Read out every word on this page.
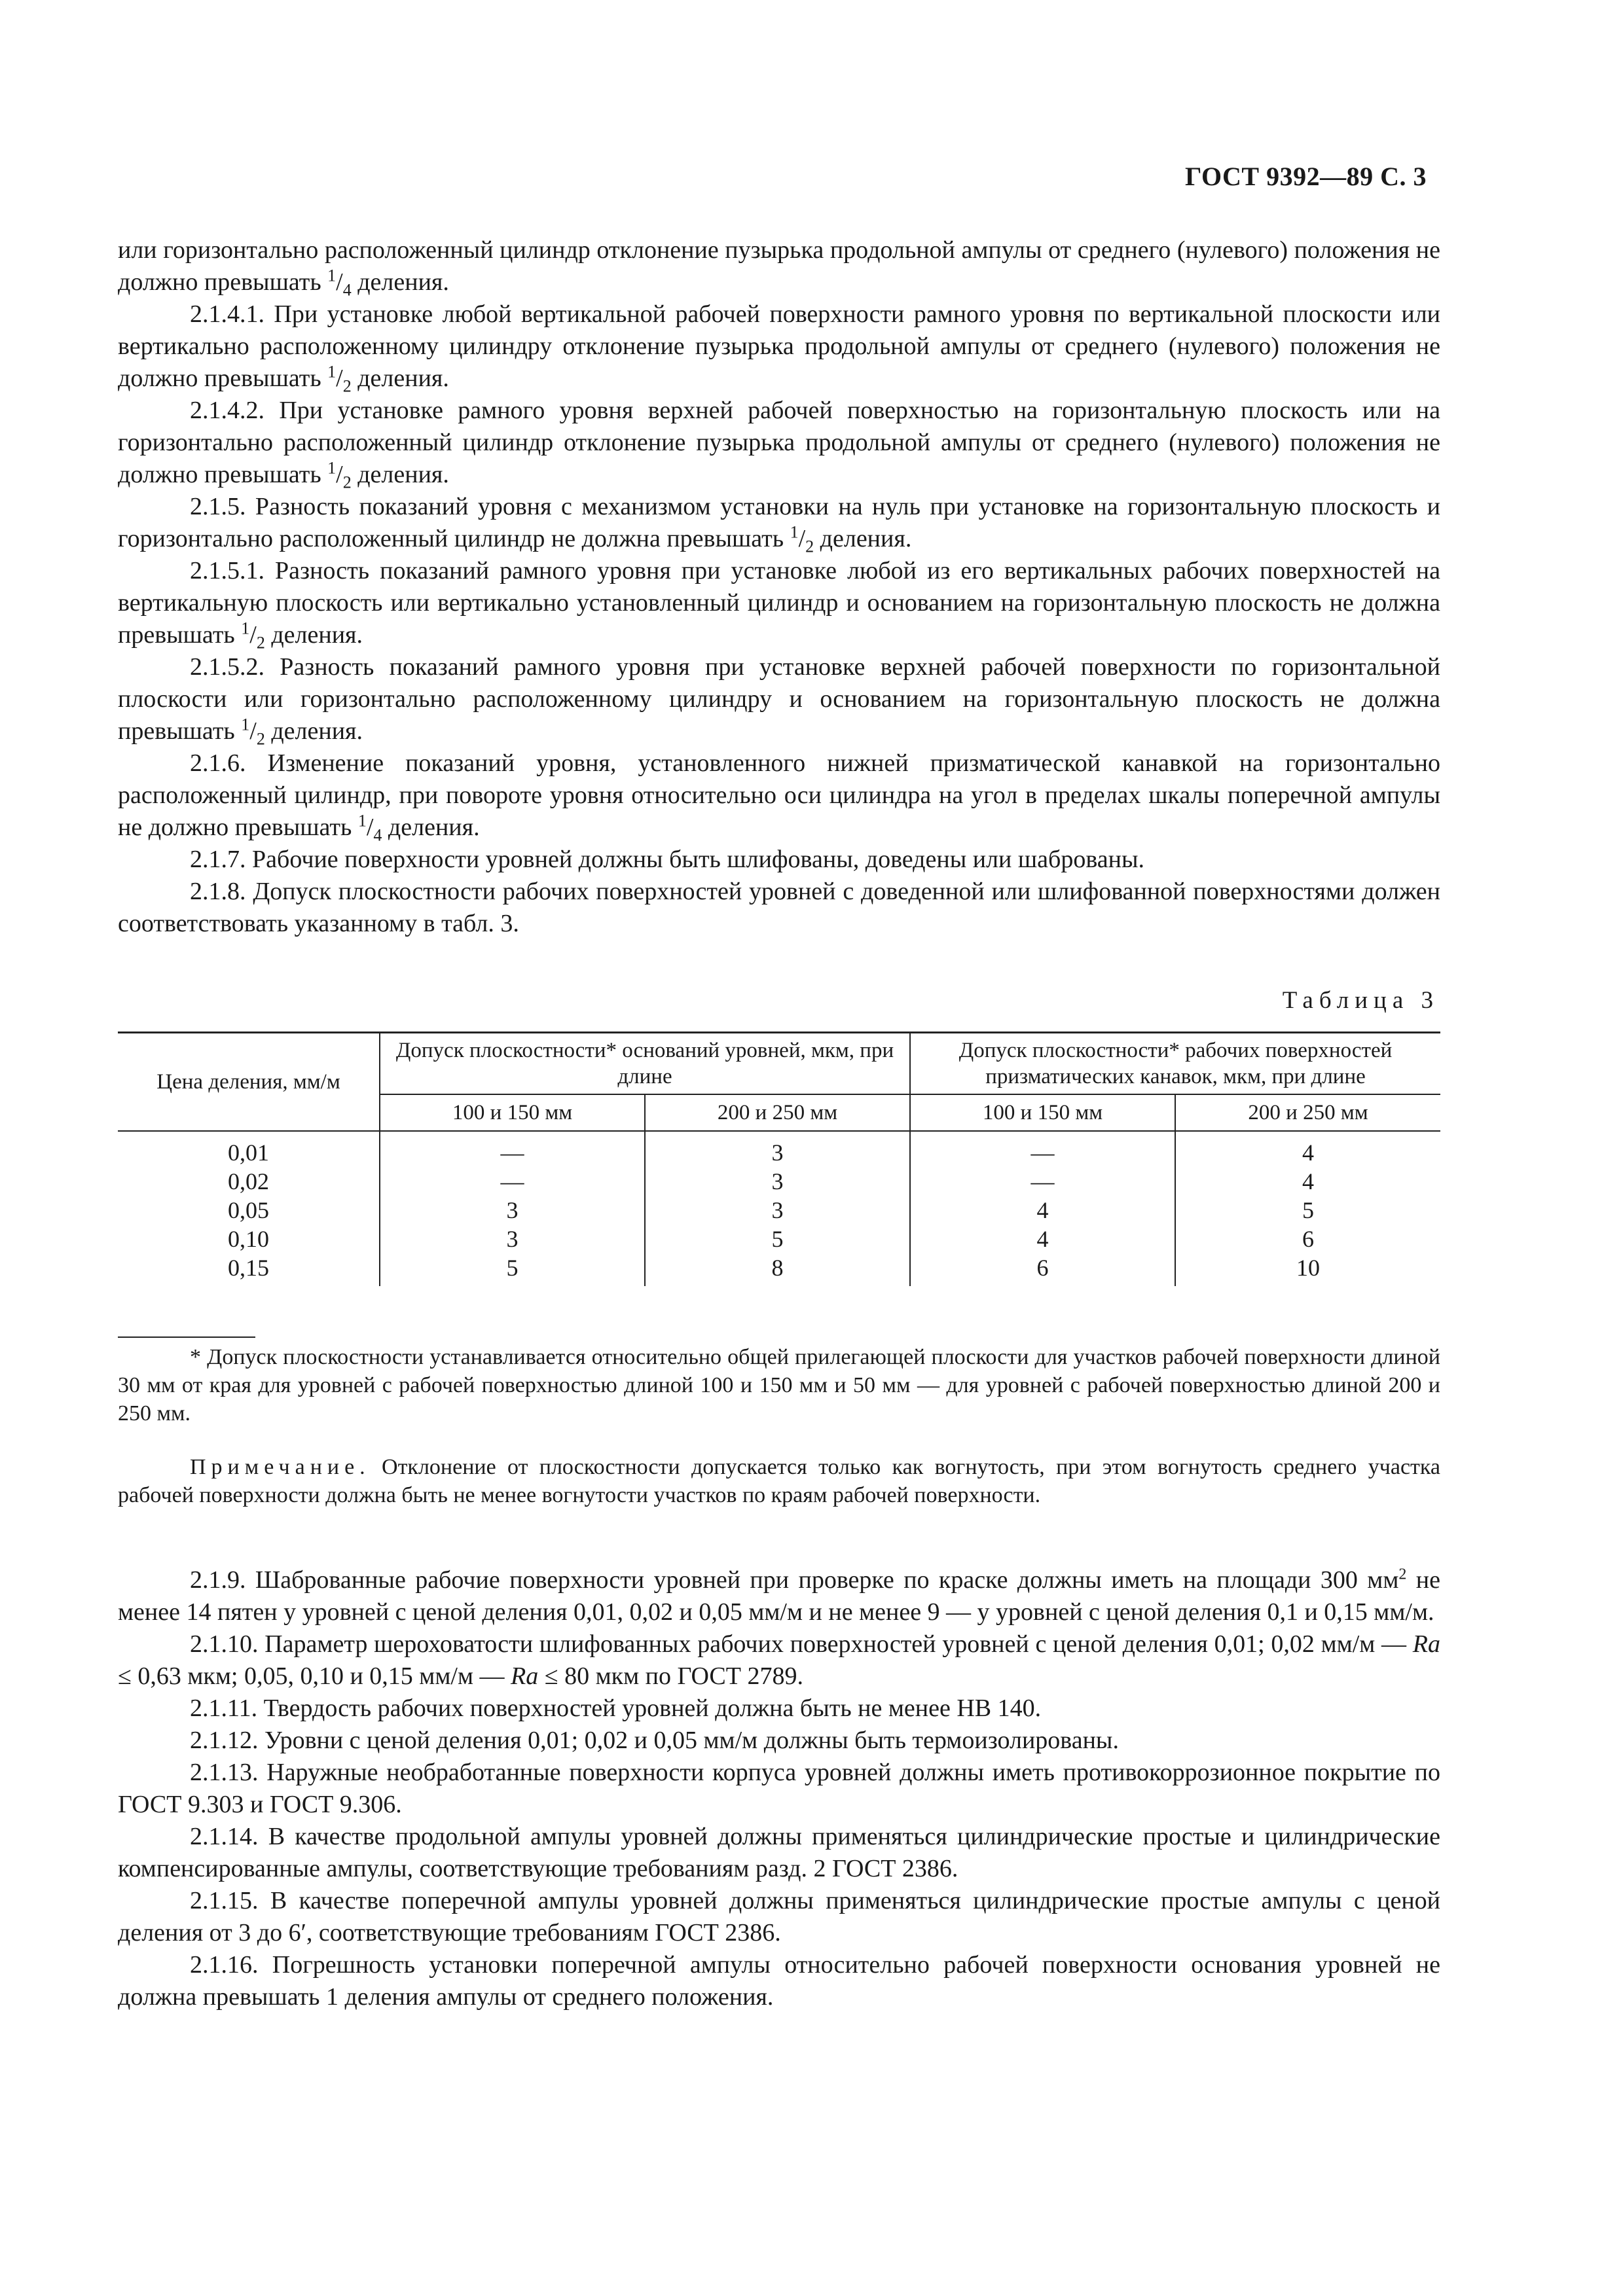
ГОСТ 9392—89 С. 3

или горизонтально расположенный цилиндр отклонение пузырька продольной ампулы от среднего (нулевого) положения не должно превышать $^1/_4$ деления.

2.1.4.1. При установке любой вертикальной рабочей поверхности рамного уровня по вертикальной плоскости или вертикально расположенному цилиндру отклонение пузырька продольной ампулы от среднего (нулевого) положения не должно превышать $^1/_2$ деления.

2.1.4.2. При установке рамного уровня верхней рабочей поверхностью на горизонтальную плоскость или на горизонтально расположенный цилиндр отклонение пузырька продольной ампулы от среднего (нулевого) положения не должно превышать $^1/_2$ деления.

2.1.5. Разность показаний уровня с механизмом установки на нуль при установке на горизонтальную плоскость и горизонтально расположенный цилиндр не должна превышать $^1/_2$ деления.

2.1.5.1. Разность показаний рамного уровня при установке любой из его вертикальных рабочих поверхностей на вертикальную плоскость или вертикально установленный цилиндр и основанием на горизонтальную плоскость не должна превышать $^1/_2$ деления.

2.1.5.2. Разность показаний рамного уровня при установке верхней рабочей поверхности по горизонтальной плоскости или горизонтально расположенному цилиндру и основанием на горизонтальную плоскость не должна превышать $^1/_2$ деления.

2.1.6. Изменение показаний уровня, установленного нижней призматической канавкой на горизонтально расположенный цилиндр, при повороте уровня относительно оси цилиндра на угол в пределах шкалы поперечной ампулы не должно превышать $^1/_4$ деления.

2.1.7. Рабочие поверхности уровней должны быть шлифованы, доведены или шаброваны.

2.1.8. Допуск плоскостности рабочих поверхностей уровней с доведенной или шлифованной поверхностями должен соответствовать указанному в табл. 3.

Таблица 3
Цена деления, мм/м	Допуск плоскостности* оснований уровней, мкм, при длине		Допуск плоскостности* рабочих поверхностей призматических канавок, мкм, при длине	
	100 и 150 мм	200 и 250 мм	100 и 150 мм	200 и 250 мм
0,01	—	3	—	4
0,02	—	3	—	4
0,05	3	3	4	5
0,10	3	5	4	6
0,15	5	8	6	10
* Допуск плоскостности устанавливается относительно общей прилегающей плоскости для участков рабочей поверхности длиной 30 мм от края для уровней с рабочей поверхностью длиной 100 и 150 мм и 50 мм — для уровней с рабочей поверхностью длиной 200 и 250 мм.
Примечание. Отклонение от плоскостности допускается только как вогнутость, при этом вогнутость среднего участка рабочей поверхности должна быть не менее вогнутости участков по краям рабочей поверхности.

2.1.9. Шаброванные рабочие поверхности уровней при проверке по краске должны иметь на площади 300 $мм^2$ не менее 14 пятен у уровней с ценой деления 0,01, 0,02 и 0,05 мм/м и не менее 9 — у уровней с ценой деления 0,1 и 0,15 мм/м.

2.1.10. Параметр шероховатости шлифованных рабочих поверхностей уровней с ценой деления 0,01; 0,02 мм/м — Ra ≤ 0,63 мкм; 0,05, 0,10 и 0,15 мм/м — Ra ≤ 80 мкм по ГОСТ 2789.

2.1.11. Твердость рабочих поверхностей уровней должна быть не менее НВ 140.

2.1.12. Уровни с ценой деления 0,01; 0,02 и 0,05 мм/м должны быть термоизолированы.

2.1.13. Наружные необработанные поверхности корпуса уровней должны иметь противокоррозионное покрытие по ГОСТ 9.303 и ГОСТ 9.306.

2.1.14. В качестве продольной ампулы уровней должны применяться цилиндрические простые и цилиндрические компенсированные ампулы, соответствующие требованиям разд. 2 ГОСТ 2386.

2.1.15. В качестве поперечной ампулы уровней должны применяться цилиндрические простые ампулы с ценой деления от 3 до 6′, соответствующие требованиям ГОСТ 2386.

2.1.16. Погрешность установки поперечной ампулы относительно рабочей поверхности основания уровней не должна превышать 1 деления ампулы от среднего положения.
